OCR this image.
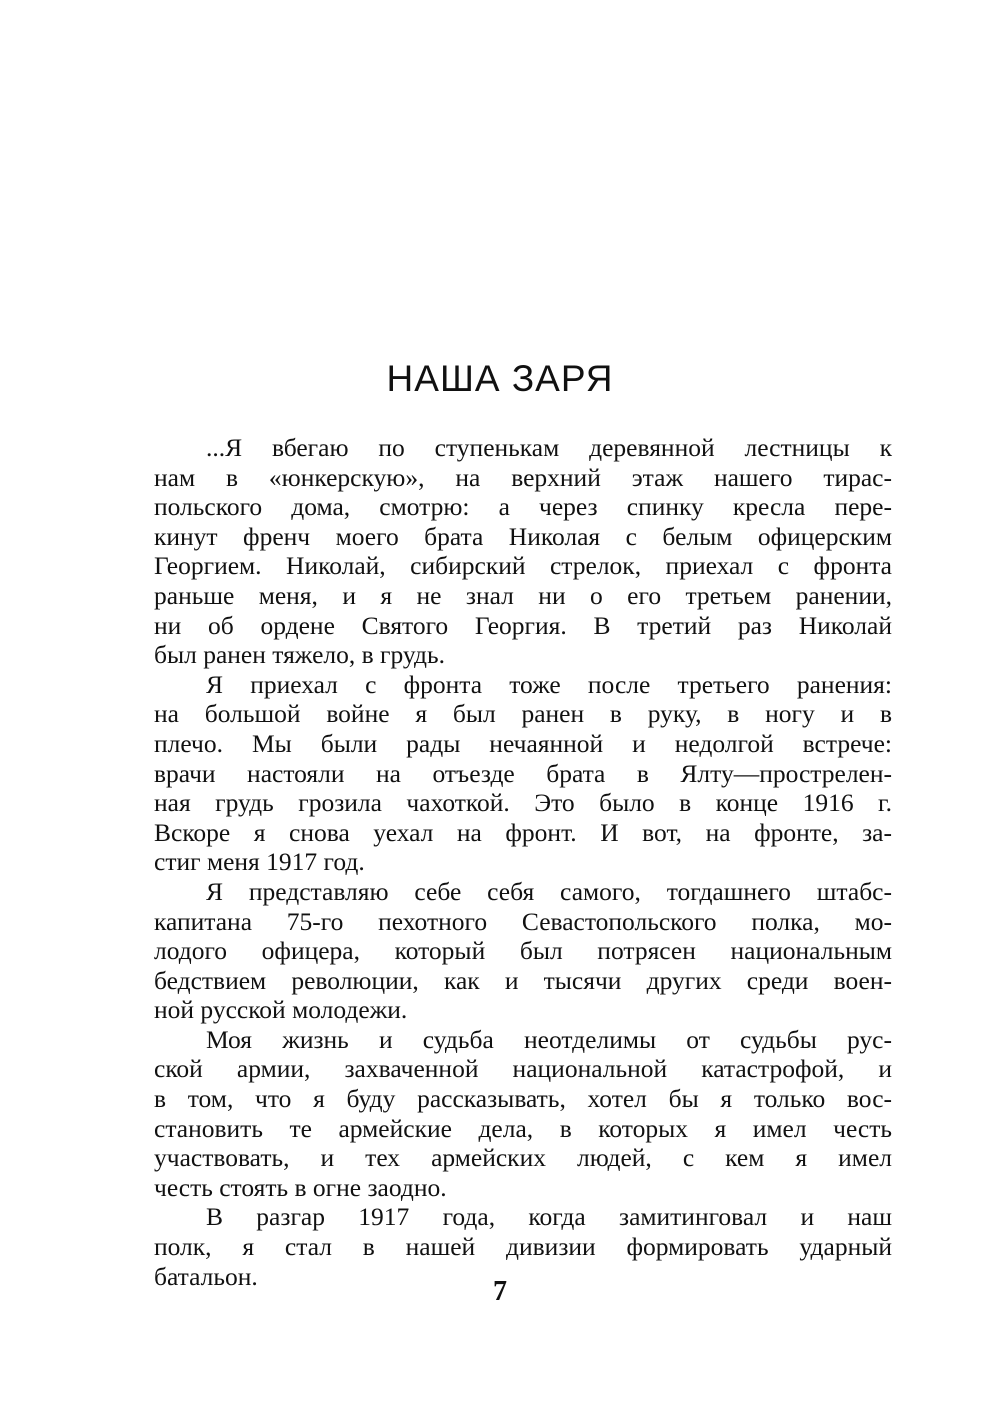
НАША ЗАРЯ
...Я вбегаю по ступенькам деревянной лестницы к
нам в «юнкерскую», на верхний этаж нашего тирас-
польского дома, смотрю: а через спинку кресла пере-
кинут френч моего брата Николая с белым офицерским
Георгием. Николай, сибирский стрелок, приехал с фронта
раньше меня, и я не знал ни о его третьем ранении,
ни об ордене Святого Георгия. В третий раз Николай
был ранен тяжело, в грудь.
Я приехал с фронта тоже после третьего ранения:
на большой войне я был ранен в руку, в ногу и в
плечо. Мы были рады нечаянной и недолгой встрече:
врачи настояли на отъезде брата в Ялту—прострелен-
ная грудь грозила чахоткой. Это было в конце 1916 г.
Вскоре я снова уехал на фронт. И вот, на фронте, за-
стиг меня 1917 год.
Я представляю себе себя самого, тогдашнего штабс-
капитана 75-го пехотного Севастопольского полка, мо-
лодого офицера, который был потрясен национальным
бедствием революции, как и тысячи других среди воен-
ной русской молодежи.
Моя жизнь и судьба неотделимы от судьбы рус-
ской армии, захваченной национальной катастрофой, и
в том, что я буду рассказывать, хотел бы я только вос-
становить те армейские дела, в которых я имел честь
участвовать, и тех армейских людей, с кем я имел
честь стоять в огне заодно.
В разгар 1917 года, когда замитинговал и наш
полк, я стал в нашей дивизии формировать ударный
батальон.	7
